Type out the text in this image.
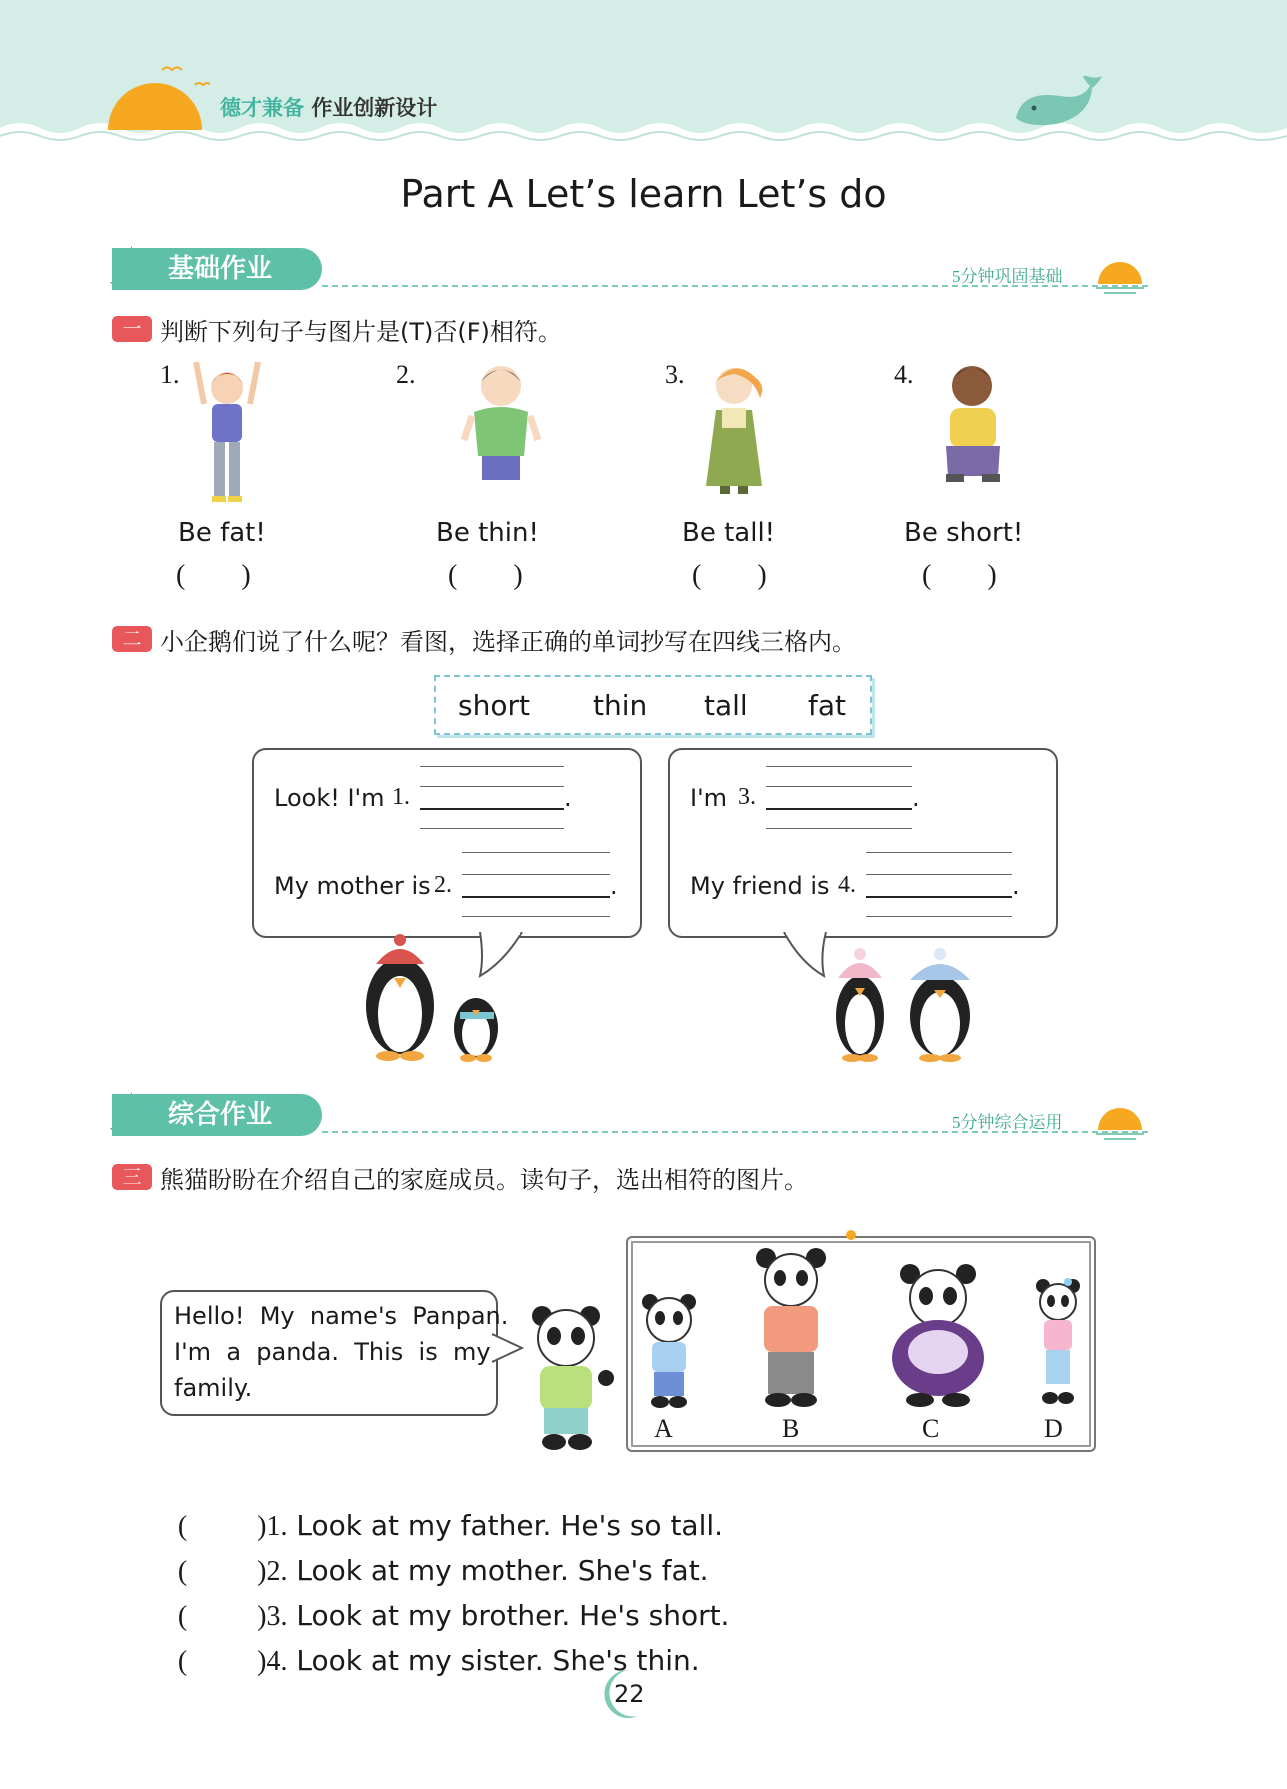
德才兼备 作业创新设计
Part A Let’s learn Let’s do
基础作业	5分钟巩固基础
一 判断下列句子与图片是(T)否(F)相符。
1.	2.	3.	4.
Be fat!	Be thin!	Be tall!	Be short!
(        )	(        )	(        )	(        )
二 小企鹅们说了什么呢？看图，选择正确的单词抄写在四线三格内。
short thin tall fat
Look! I'm 1.	.
My mother is 2.	.
I'm 3.	.
My friend is 4.	.
综合作业	5分钟综合运用
三 熊猫盼盼在介绍自己的家庭成员。读句子，选出相符的图片。
Hello!  My  name's  Panpan.
I'm  a  panda.  This  is  my
family.
A	B	C	D

(          )1. Look at my father. He's so tall.

(          )2. Look at my mother. She's fat.

(          )3. Look at my brother. He's short.

(          )4. Look at my sister. She's thin.

22
